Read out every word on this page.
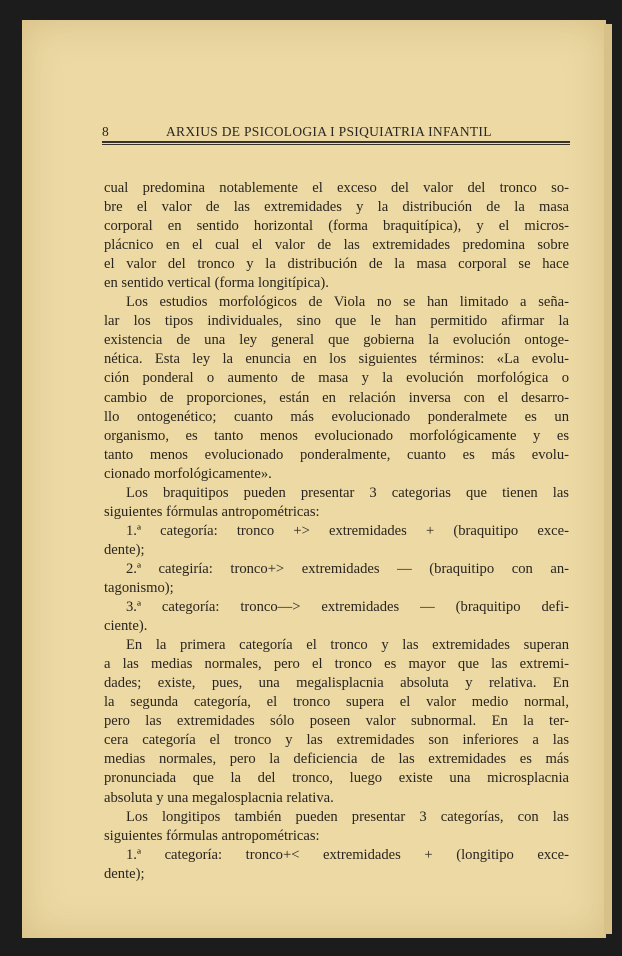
8	ARXIUS DE PSICOLOGIA I PSIQUIATRIA INFANTIL
cual predomina notablemente el exceso del valor del tronco so-
bre el valor de las extremidades y la distribución de la masa
corporal en sentido horizontal (forma braquitípica), y el micros-
plácnico en el cual el valor de las extremidades predomina sobre
el valor del tronco y la distribución de la masa corporal se hace
en sentido vertical (forma longitípica).
Los estudios morfológicos de Viola no se han limitado a seña-
lar los tipos individuales, sino que le han permitido afirmar la
existencia de una ley general que gobierna la evolución ontoge-
nética. Esta ley la enuncia en los siguientes términos: «La evolu-
ción ponderal o aumento de masa y la evolución morfológica o
cambio de proporciones, están en relación inversa con el desarro-
llo ontogenético; cuanto más evolucionado ponderalmete es un
organismo, es tanto menos evolucionado morfológicamente y es
tanto menos evolucionado ponderalmente, cuanto es más evolu-
cionado morfológicamente».
Los braquitipos pueden presentar 3 categorias que tienen las
siguientes fórmulas antropométricas:
1.ª categoría: tronco +> extremidades + (braquitipo exce-
dente);
2.ª categiría: tronco+> extremidades — (braquitipo con an-
tagonismo);
3.ª categoría: tronco—> extremidades — (braquitipo defi-
ciente).
En la primera categoría el tronco y las extremidades superan
a las medias normales, pero el tronco es mayor que las extremi-
dades; existe, pues, una megalisplacnia absoluta y relativa. En
la segunda categoría, el tronco supera el valor medio normal,
pero las extremidades sólo poseen valor subnormal. En la ter-
cera categoría el tronco y las extremidades son inferiores a las
medias normales, pero la deficiencia de las extremidades es más
pronunciada que la del tronco, luego existe una microsplacnia
absoluta y una megalosplacnia relativa.
Los longitipos también pueden presentar 3 categorías, con las
siguientes fórmulas antropométricas:
1.ª categoría: tronco+< extremidades + (longitipo exce-
dente);
